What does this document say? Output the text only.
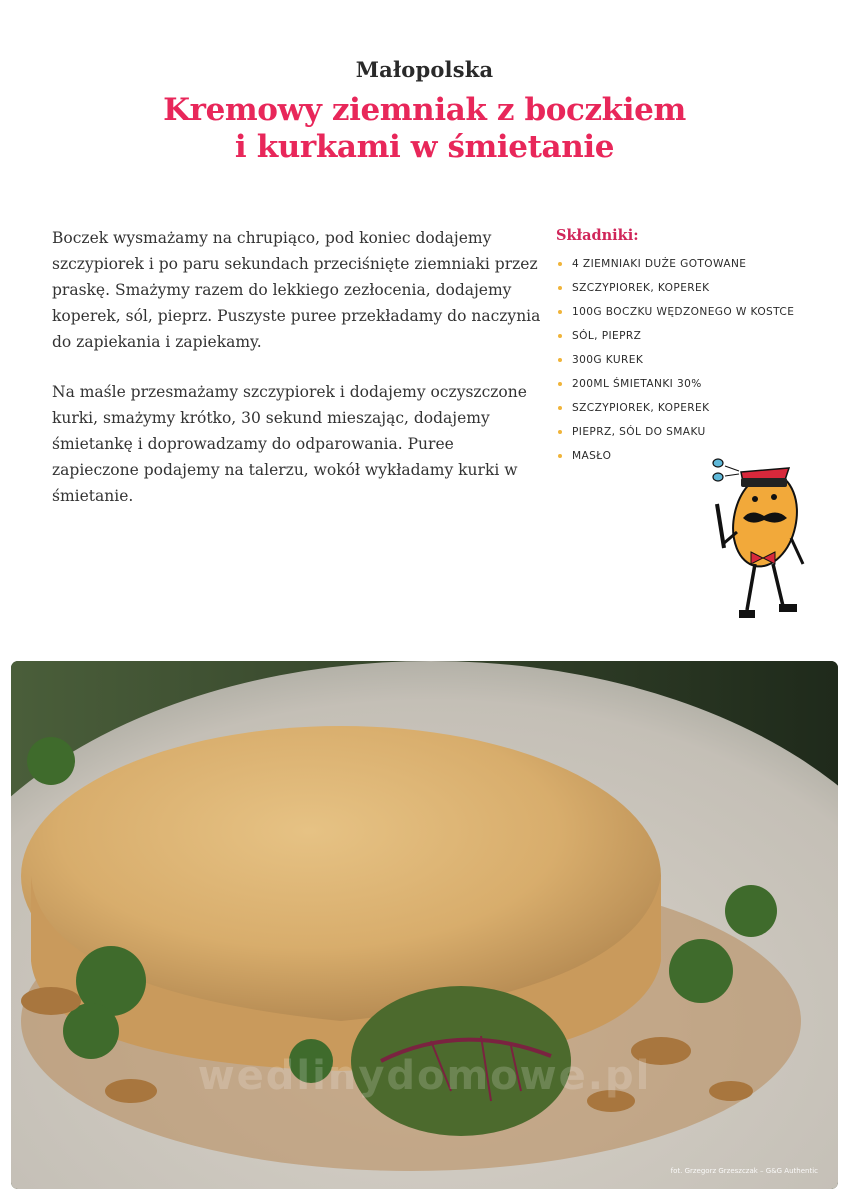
Małopolska
Kremowy ziemniak z boczkiem
i kurkami w śmietanie

Boczek wysmażamy na chrupiąco, pod koniec dodajemy szczypiorek i po paru sekundach przeciśnięte ziemniaki przez praskę. Smażymy razem do lekkiego zezłocenia, dodajemy koperek, sól, pieprz. Puszyste puree przekładamy do naczynia do zapiekania i zapiekamy.

Na maśle przesmażamy szczypiorek i dodajemy oczyszczone kurki, smażymy krótko, 30 sekund mieszając, dodajemy śmietankę i doprowadzamy do odparowania. Puree zapieczone podajemy na talerzu, wokół wykładamy kurki w śmietanie.

Składniki:
4 ZIEMNIAKI DUŻE GOTOWANE
SZCZYPIOREK, KOPEREK
100G BOCZKU WĘDZONEGO W KOSTCE
SÓL, PIEPRZ
300G KUREK
200ML ŚMIETANKI 30%
SZCZYPIOREK, KOPEREK
PIEPRZ, SÓL DO SMAKU
MASŁO
wedlinydomowe.pl
fot. Grzegorz Grzeszczak – G&G Authentic
